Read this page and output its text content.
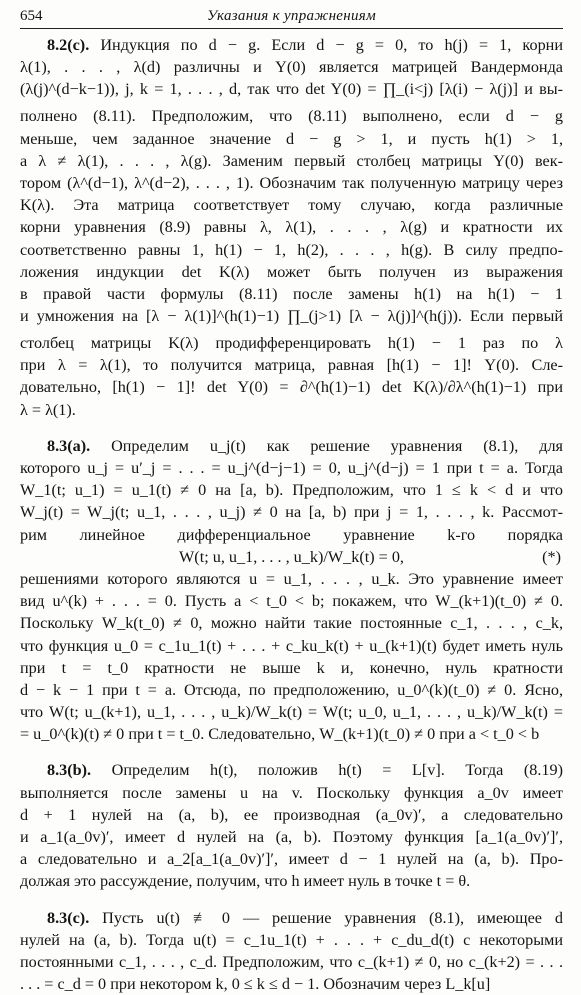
654	Указания к упражнениям
8.2(c). Индукция по d − g. Если d − g = 0, то h(j) = 1, корни
λ(1), . . . , λ(d) различны и Y(0) является матрицей Вандермонда
(λ(j)^(d−k−1)), j, k = 1, . . . , d, так что det Y(0) = ∏_(i<j) [λ(i) − λ(j)] и вы-
полнено (8.11). Предположим, что (8.11) выполнено, если d − g
меньше, чем заданное значение d − g > 1, и пусть h(1) > 1,
а λ ≠ λ(1), . . . , λ(g). Заменим первый столбец матрицы Y(0) век-
тором (λ^(d−1), λ^(d−2), . . . , 1). Обозначим так полученную матрицу через
K(λ). Эта матрица соответствует тому случаю, когда различные
корни уравнения (8.9) равны λ, λ(1), . . . , λ(g) и кратности их
соответственно равны 1, h(1) − 1, h(2), . . . , h(g). В силу предпо-
ложения индукции det K(λ) может быть получен из выражения
в правой части формулы (8.11) после замены h(1) на h(1) − 1
и умножения на [λ − λ(1)]^(h(1)−1) ∏_(j>1) [λ − λ(j)]^(h(j)). Если первый
столбец матрицы K(λ) продифференцировать h(1) − 1 раз по λ
при λ = λ(1), то получится матрица, равная [h(1) − 1]! Y(0). Сле-
довательно, [h(1) − 1]! det Y(0) = ∂^(h(1)−1) det K(λ)/∂λ^(h(1)−1) при
λ = λ(1).
8.3(a). Определим u_j(t) как решение уравнения (8.1), для
которого u_j = u′_j = . . . = u_j^(d−j−1) = 0, u_j^(d−j) = 1 при t = a. Тогда
W_1(t; u_1) = u_1(t) ≠ 0 на [a, b). Предположим, что 1 ≤ k < d и что
W_j(t) = W_j(t; u_1, . . . , u_j) ≠ 0 на [a, b) при j = 1, . . . , k. Рассмот-
рим линейное дифференциальное уравнение k-го порядка
W(t; u, u_1, . . . , u_k)/W_k(t) = 0,	(*)
решениями которого являются u = u_1, . . . , u_k. Это уравнение имеет
вид u^(k) + . . . = 0. Пусть a < t_0 < b; покажем, что W_(k+1)(t_0) ≠ 0.
Поскольку W_k(t_0) ≠ 0, можно найти такие постоянные c_1, . . . , c_k,
что функция u_0 = c_1u_1(t) + . . . + c_ku_k(t) + u_(k+1)(t) будет иметь нуль
при t = t_0 кратности не выше k и, конечно, нуль кратности
d − k − 1 при t = a. Отсюда, по предположению, u_0^(k)(t_0) ≠ 0. Ясно,
что W(t; u_(k+1), u_1, . . . , u_k)/W_k(t) = W(t; u_0, u_1, . . . , u_k)/W_k(t) =
= u_0^(k)(t) ≠ 0 при t = t_0. Следовательно, W_(k+1)(t_0) ≠ 0 при a < t_0 < b
8.3(b). Определим h(t), положив h(t) = L[v]. Тогда (8.19)
выполняется после замены u на v. Поскольку функция a_0v имеет
d + 1 нулей на (a, b), ее производная (a_0v)′, а следовательно
и a_1(a_0v)′, имеет d нулей на (a, b). Поэтому функция [a_1(a_0v)′]′,
а следовательно и a_2[a_1(a_0v)′]′, имеет d − 1 нулей на (a, b). Про-
должая это рассуждение, получим, что h имеет нуль в точке t = θ.
8.3(c). Пусть u(t) ≢ 0 — решение уравнения (8.1), имеющее d
нулей на (a, b). Тогда u(t) = c_1u_1(t) + . . . + c_du_d(t) с некоторыми
постоянными c_1, . . . , c_d. Предположим, что c_(k+1) ≠ 0, но c_(k+2) = . . .
. . . = c_d = 0 при некотором k, 0 ≤ k ≤ d − 1. Обозначим через L_k[u]
